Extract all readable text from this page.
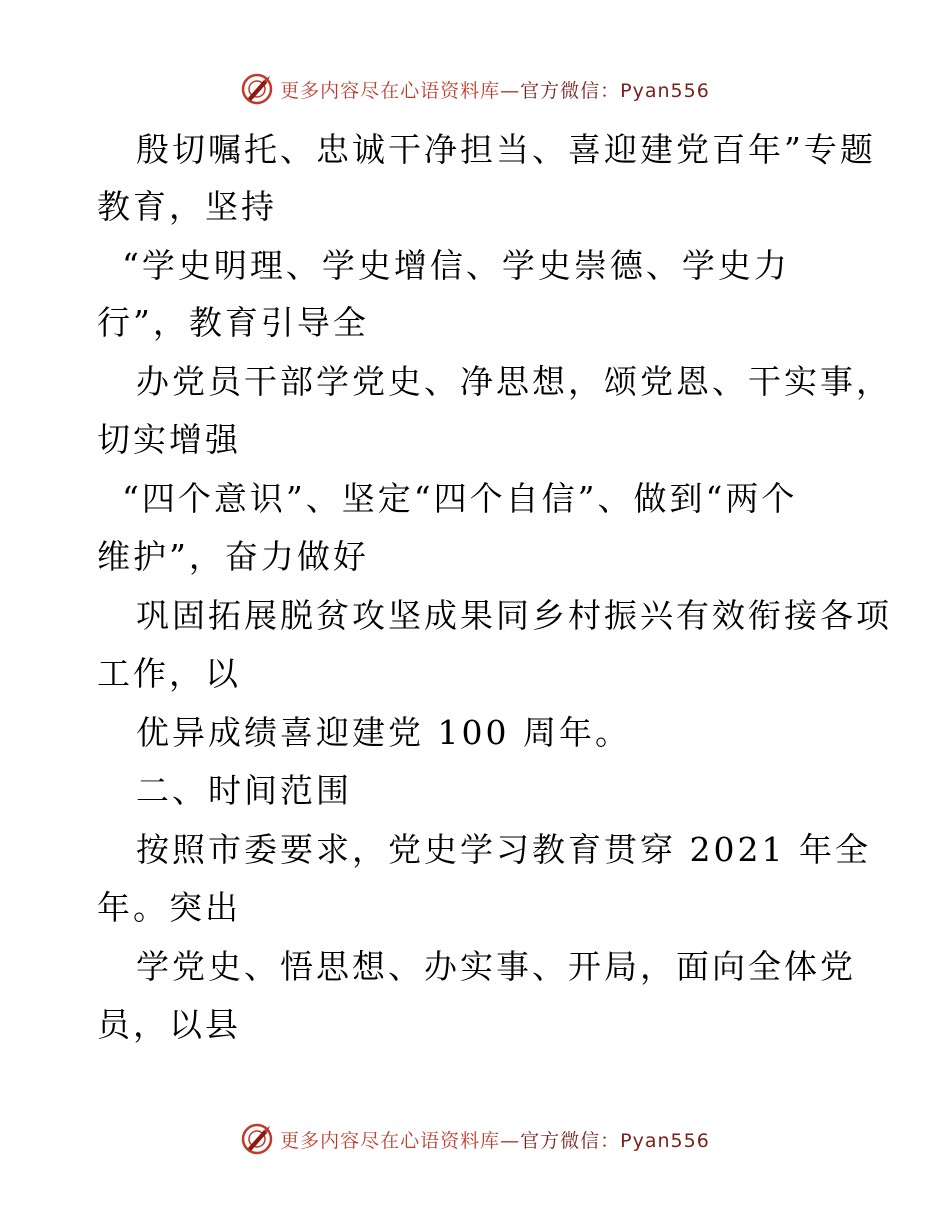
更多内容尽在心语资料库—官方微信：Pyan556
殷切嘱托、忠诚干净担当、喜迎建党百年”专题
教育，坚持
“学史明理、学史增信、学史崇德、学史力
行”，教育引导全
办党员干部学党史、净思想，颂党恩、干实事，
切实增强
“四个意识”、坚定“四个自信”、做到“两个
维护”，奋力做好
巩固拓展脱贫攻坚成果同乡村振兴有效衔接各项
工作，以
优异成绩喜迎建党 100 周年。
二、时间范围
按照市委要求，党史学习教育贯穿 2021 年全
年。突出
学党史、悟思想、办实事、开局，面向全体党
员，以县
更多内容尽在心语资料库—官方微信：Pyan556
